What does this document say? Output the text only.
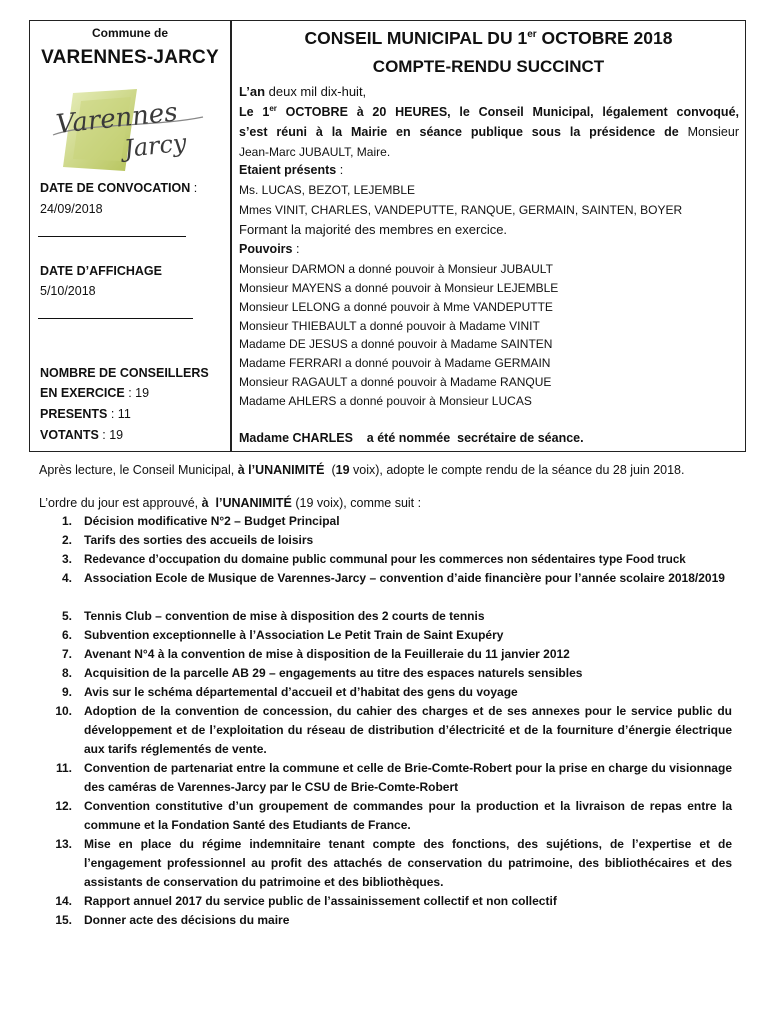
Commune de
VARENNES-JARCY
Varennes
Jarcy
DATE DE CONVOCATION :
24/09/2018
DATE D’AFFICHAGE
5/10/2018
NOMBRE DE CONSEILLERS
EN EXERCICE : 19
PRESENTS : 11
VOTANTS : 19
CONSEIL MUNICIPAL DU 1er OCTOBRE 2018
COMPTE-RENDU SUCCINCT
L’an deux mil dix-huit,
Le 1er OCTOBRE à 20 HEURES, le Conseil Municipal, légalement convoqué,
s’est réuni à la Mairie en séance publique sous la présidence de Monsieur
Jean-Marc JUBAULT, Maire.
Etaient présents :
Ms. LUCAS, BEZOT, LEJEMBLE
Mmes VINIT, CHARLES, VANDEPUTTE, RANQUE, GERMAIN, SAINTEN, BOYER
Formant la majorité des membres en exercice.
Pouvoirs :
Monsieur DARMON a donné pouvoir à Monsieur JUBAULT
Monsieur MAYENS a donné pouvoir à Monsieur LEJEMBLE
Monsieur LELONG a donné pouvoir à Mme VANDEPUTTE
Monsieur THIEBAULT a donné pouvoir à Madame VINIT
Madame DE JESUS a donné pouvoir à Madame SAINTEN
Madame FERRARI a donné pouvoir à Madame GERMAIN
Monsieur RAGAULT a donné pouvoir à Madame RANQUE
Madame AHLERS a donné pouvoir à Monsieur LUCAS
Madame CHARLES    a été nommée  secrétaire de séance.
Après lecture, le Conseil Municipal, à l’UNANIMITÉ  (19 voix), adopte le compte rendu de la séance du 28 juin 2018.
L’ordre du jour est approuvé, à  l’UNANIMITÉ (19 voix), comme suit :
1. Décision modificative N°2 – Budget Principal
2. Tarifs des sorties des accueils de loisirs
3. Redevance d’occupation du domaine public communal pour les commerces non sédentaires type Food truck
4. Association Ecole de Musique de Varennes-Jarcy – convention d’aide financière pour l’année scolaire 2018/2019
5. Tennis Club – convention de mise à disposition des 2 courts de tennis
6. Subvention exceptionnelle à l’Association Le Petit Train de Saint Exupéry
7. Avenant N°4 à la convention de mise à disposition de la Feuilleraie du 11 janvier 2012
8. Acquisition de la parcelle AB 29 – engagements au titre des espaces naturels sensibles
9. Avis sur le schéma départemental d’accueil et d’habitat des gens du voyage
10. Adoption de la convention de concession, du cahier des charges et de ses annexes pour le service public du développement et de l’exploitation du réseau de distribution d’électricité et de la fourniture d’énergie électrique aux tarifs réglementés de vente.
11. Convention de partenariat entre la commune et celle de Brie-Comte-Robert pour la prise en charge du visionnage des caméras de Varennes-Jarcy par le CSU de Brie-Comte-Robert
12. Convention constitutive d’un groupement de commandes pour la production et la livraison de repas entre la commune et la Fondation Santé des Etudiants de France.
13. Mise en place du régime indemnitaire tenant compte des fonctions, des sujétions, de l’expertise et de l’engagement professionnel au profit des attachés de conservation du patrimoine, des bibliothécaires et des assistants de conservation du patrimoine et des bibliothèques.
14. Rapport annuel 2017 du service public de l’assainissement collectif et non collectif
15. Donner acte des décisions du maire
